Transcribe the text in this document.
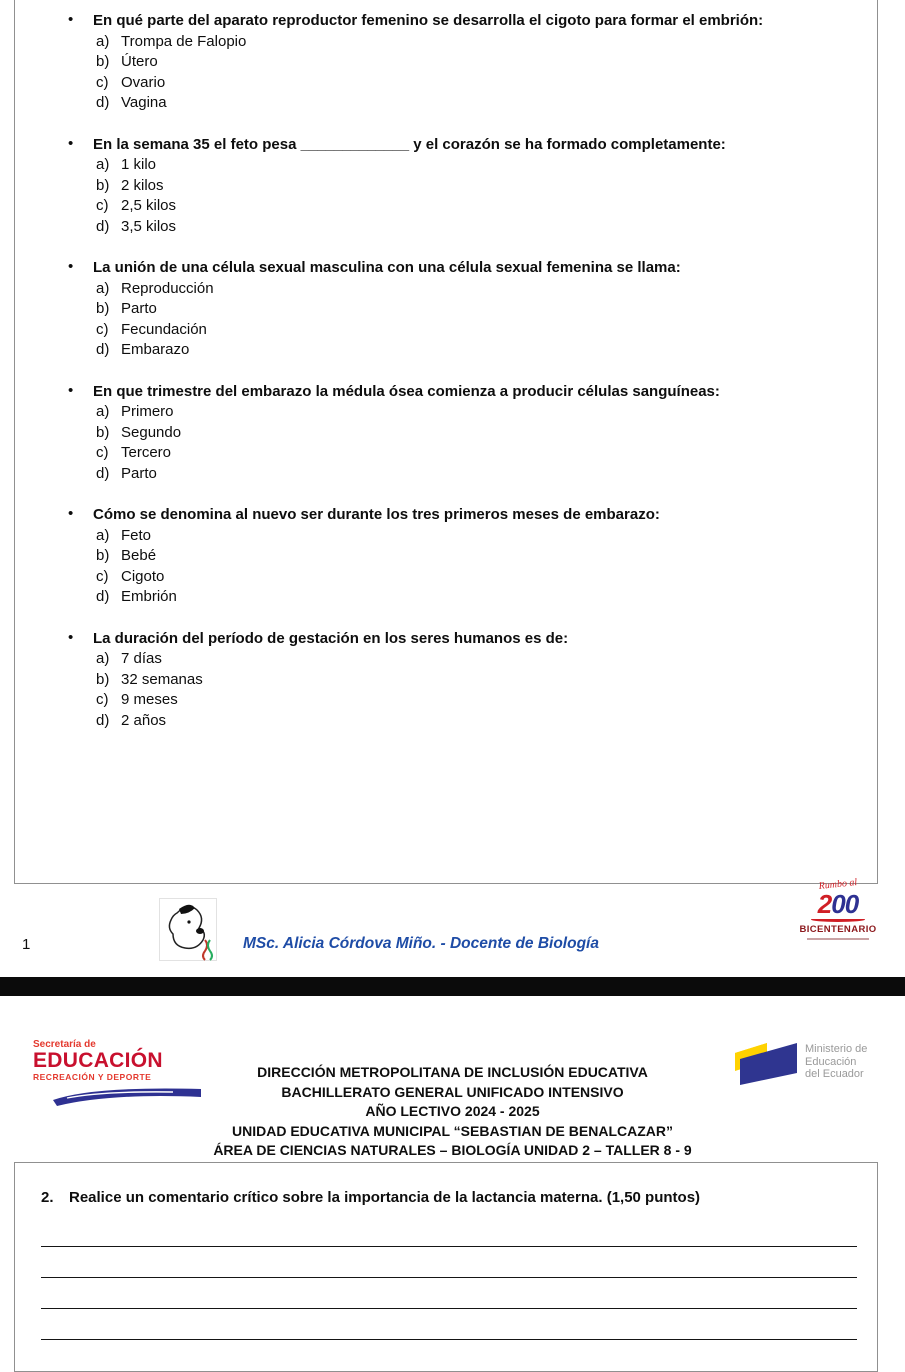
• En qué parte del aparato reproductor femenino se desarrolla el cigoto para formar el embrión:
a) Trompa de Falopio
b) Útero
c) Ovario
d) Vagina
• En la semana 35 el feto pesa _____________ y el corazón se ha formado completamente:
a) 1 kilo
b) 2 kilos
c) 2,5 kilos
d) 3,5 kilos
• La unión de una célula sexual masculina con una célula sexual femenina se llama:
a) Reproducción
b) Parto
c) Fecundación
d) Embarazo
• En que trimestre del embarazo la médula ósea comienza a producir células sanguíneas:
a) Primero
b) Segundo
c) Tercero
d) Parto
• Cómo se denomina al nuevo ser durante los tres primeros meses de embarazo:
a) Feto
b) Bebé
c) Cigoto
d) Embrión
• La duración del período de gestación en los seres humanos es de:
a) 7 días
b) 32 semanas
c) 9 meses
d) 2 años
1	MSc. Alicia Córdova Miño. - Docente de Biología
Rumbo al
200
BICENTENARIO
Secretaría de
EDUCACIÓN
RECREACIÓN Y DEPORTE
Ministerio de
Educación
del Ecuador
DIRECCIÓN METROPOLITANA DE INCLUSIÓN EDUCATIVA
BACHILLERATO GENERAL UNIFICADO INTENSIVO
AÑO LECTIVO 2024 - 2025
UNIDAD EDUCATIVA MUNICIPAL “SEBASTIAN DE BENALCAZAR”
ÁREA DE CIENCIAS NATURALES – BIOLOGÍA UNIDAD 2 – TALLER 8 - 9
2.	Realice un comentario crítico sobre la importancia de la lactancia materna. (1,50 puntos)
